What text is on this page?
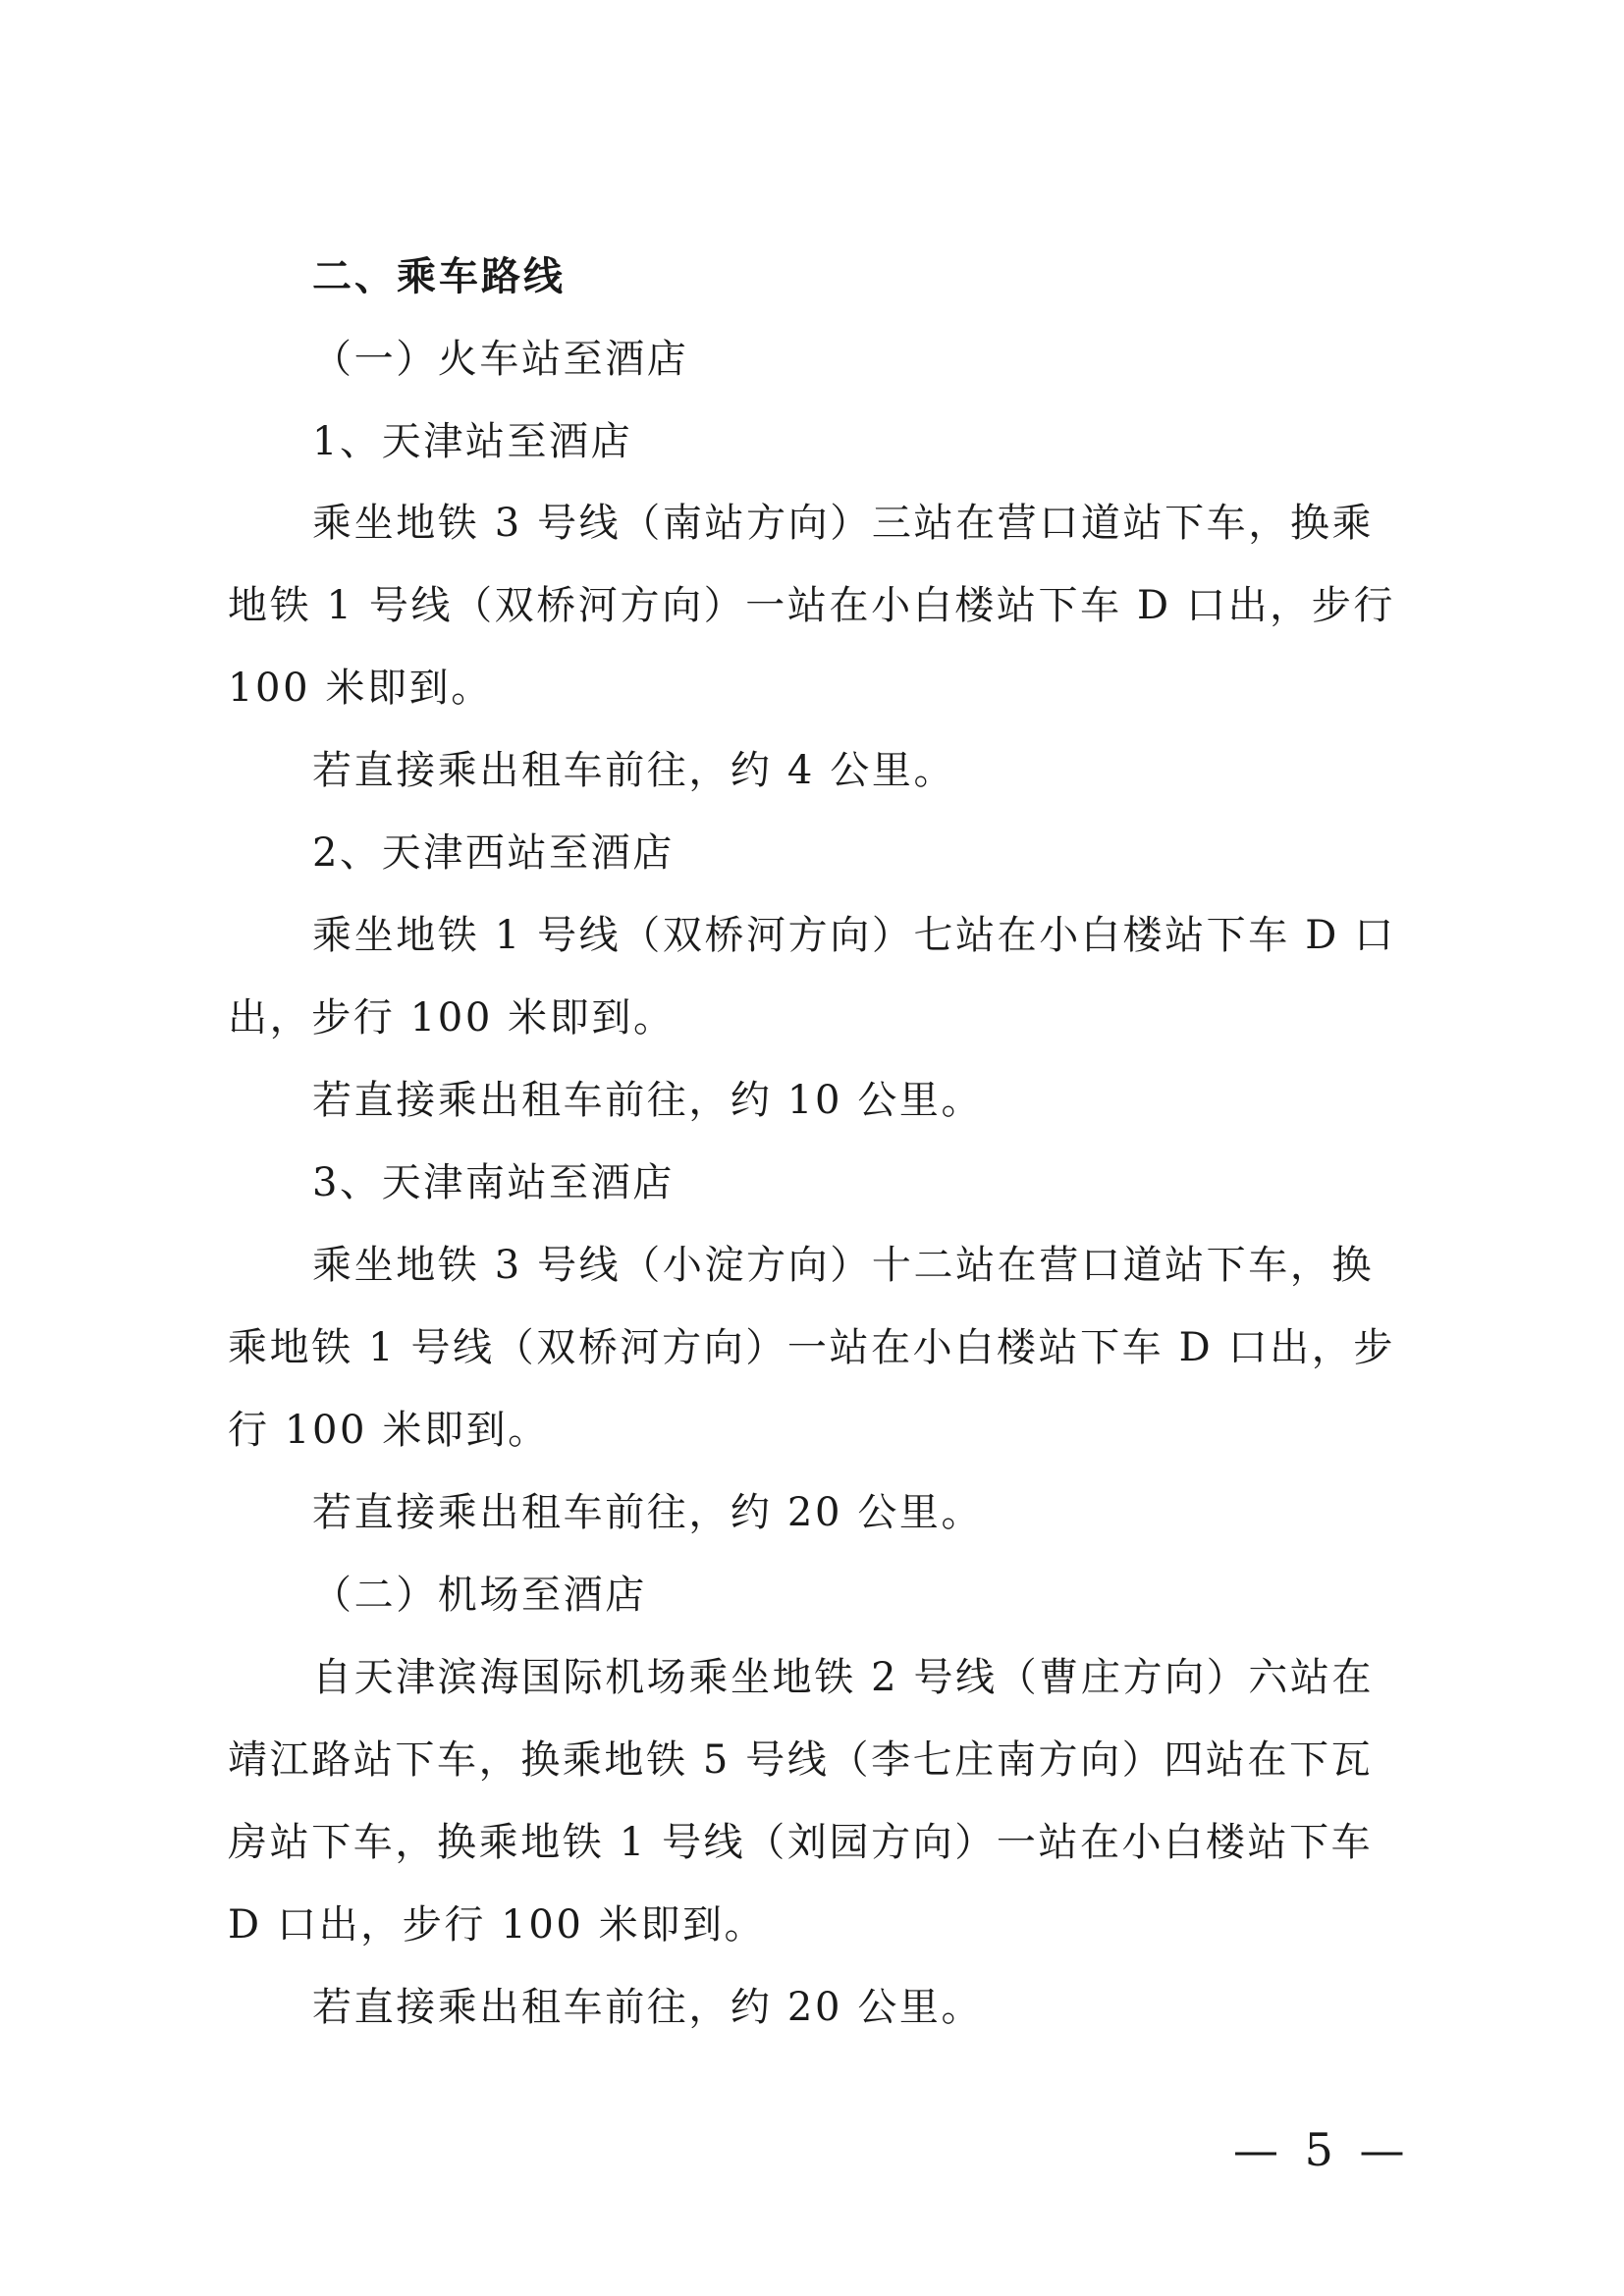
二、乘车路线
（一）火车站至酒店
1、天津站至酒店
乘坐地铁 3 号线（南站方向）三站在营口道站下车，换乘
地铁 1 号线（双桥河方向）一站在小白楼站下车 D 口出，步行
100 米即到。
若直接乘出租车前往，约 4 公里。
2、天津西站至酒店
乘坐地铁 1 号线（双桥河方向）七站在小白楼站下车 D 口
出，步行 100 米即到。
若直接乘出租车前往，约 10 公里。
3、天津南站至酒店
乘坐地铁 3 号线（小淀方向）十二站在营口道站下车，换
乘地铁 1 号线（双桥河方向）一站在小白楼站下车 D 口出，步
行 100 米即到。
若直接乘出租车前往，约 20 公里。
（二）机场至酒店
自天津滨海国际机场乘坐地铁 2 号线（曹庄方向）六站在
靖江路站下车，换乘地铁 5 号线（李七庄南方向）四站在下瓦
房站下车，换乘地铁 1 号线（刘园方向）一站在小白楼站下车
D 口出，步行 100 米即到。
若直接乘出租车前往，约 20 公里。
— 5 —
